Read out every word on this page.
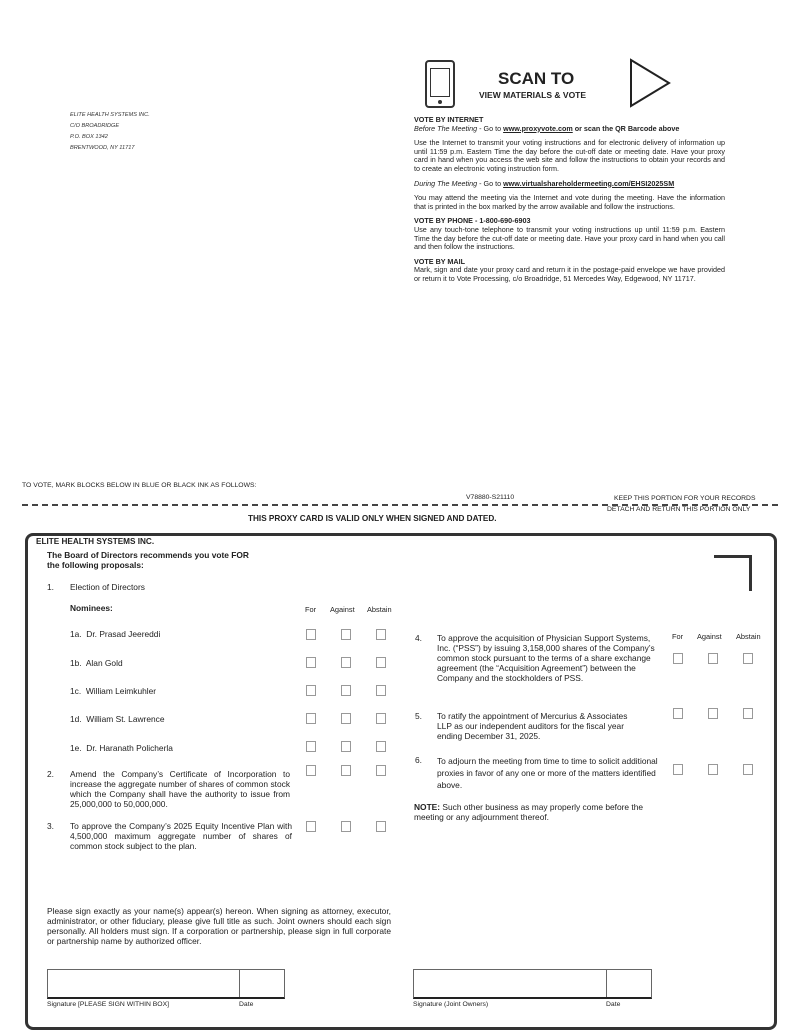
SCAN TO
VIEW MATERIALS & VOTE
ELITE HEALTH SYSTEMS INC.
C/O BROADRIDGE
P.O. BOX 1342
BRENTWOOD, NY 11717
VOTE BY INTERNET

Before The Meeting - Go to www.proxyvote.com or scan the QR Barcode above

Use the Internet to transmit your voting instructions and for electronic delivery of information up until 11:59 p.m. Eastern Time the day before the cut-off date or meeting date. Have your proxy card in hand when you access the web site and follow the instructions to obtain your records and to create an electronic voting instruction form.

During The Meeting - Go to www.virtualshareholdermeeting.com/EHSI2025SM

You may attend the meeting via the Internet and vote during the meeting. Have the information that is printed in the box marked by the arrow available and follow the instructions.

VOTE BY PHONE - 1-800-690-6903

Use any touch-tone telephone to transmit your voting instructions up until 11:59 p.m. Eastern Time the day before the cut-off date or meeting date. Have your proxy card in hand when you call and then follow the instructions.

VOTE BY MAIL

Mark, sign and date your proxy card and return it in the postage-paid envelope we have provided or return it to Vote Processing, c/o Broadridge, 51 Mercedes Way, Edgewood, NY 11717.

TO VOTE, MARK BLOCKS BELOW IN BLUE OR BLACK INK AS FOLLOWS:
V78880-S21110	KEEP THIS PORTION FOR YOUR RECORDS
DETACH AND RETURN THIS PORTION ONLY
THIS PROXY CARD IS VALID ONLY WHEN SIGNED AND DATED.
ELITE HEALTH SYSTEMS INC.
The Board of Directors recommends you vote FOR
the following proposals:
1. Election of Directors
Nominees:	For Against Abstain
1a.  Dr. Prasad Jeereddi
1b.  Alan Gold
1c.  William Leimkuhler
1d.  William St. Lawrence
1e.  Dr. Haranath Policherla
2. Amend the Company’s Certificate of Incorporation to increase the aggregate number of shares of common stock which the Company shall have the authority to issue from 25,000,000 to 50,000,000.
3. To approve the Company’s 2025 Equity Incentive Plan with 4,500,000 maximum aggregate number of shares of common stock subject to the plan.
For Against Abstain
4. To approve the acquisition of Physician Support Systems, Inc. (“PSS”) by issuing 3,158,000 shares of the Company’s common stock pursuant to the terms of a share exchange agreement (the “Acquisition Agreement”) between the Company and the stockholders of PSS.
5. To ratify the appointment of Mercurius & Associates LLP as our independent auditors for the fiscal year ending December 31, 2025.
6. To adjourn the meeting from time to time to solicit additional proxies in favor of any one or more of the matters identified above.
NOTE: Such other business as may properly come before the meeting or any adjournment thereof.
Please sign exactly as your name(s) appear(s) hereon. When signing as attorney, executor, administrator, or other fiduciary, please give full title as such. Joint owners should each sign personally. All holders must sign. If a corporation or partnership, please sign in full corporate or partnership name by authorized officer.
Signature [PLEASE SIGN WITHIN BOX]	Date	Signature (Joint Owners)	Date
